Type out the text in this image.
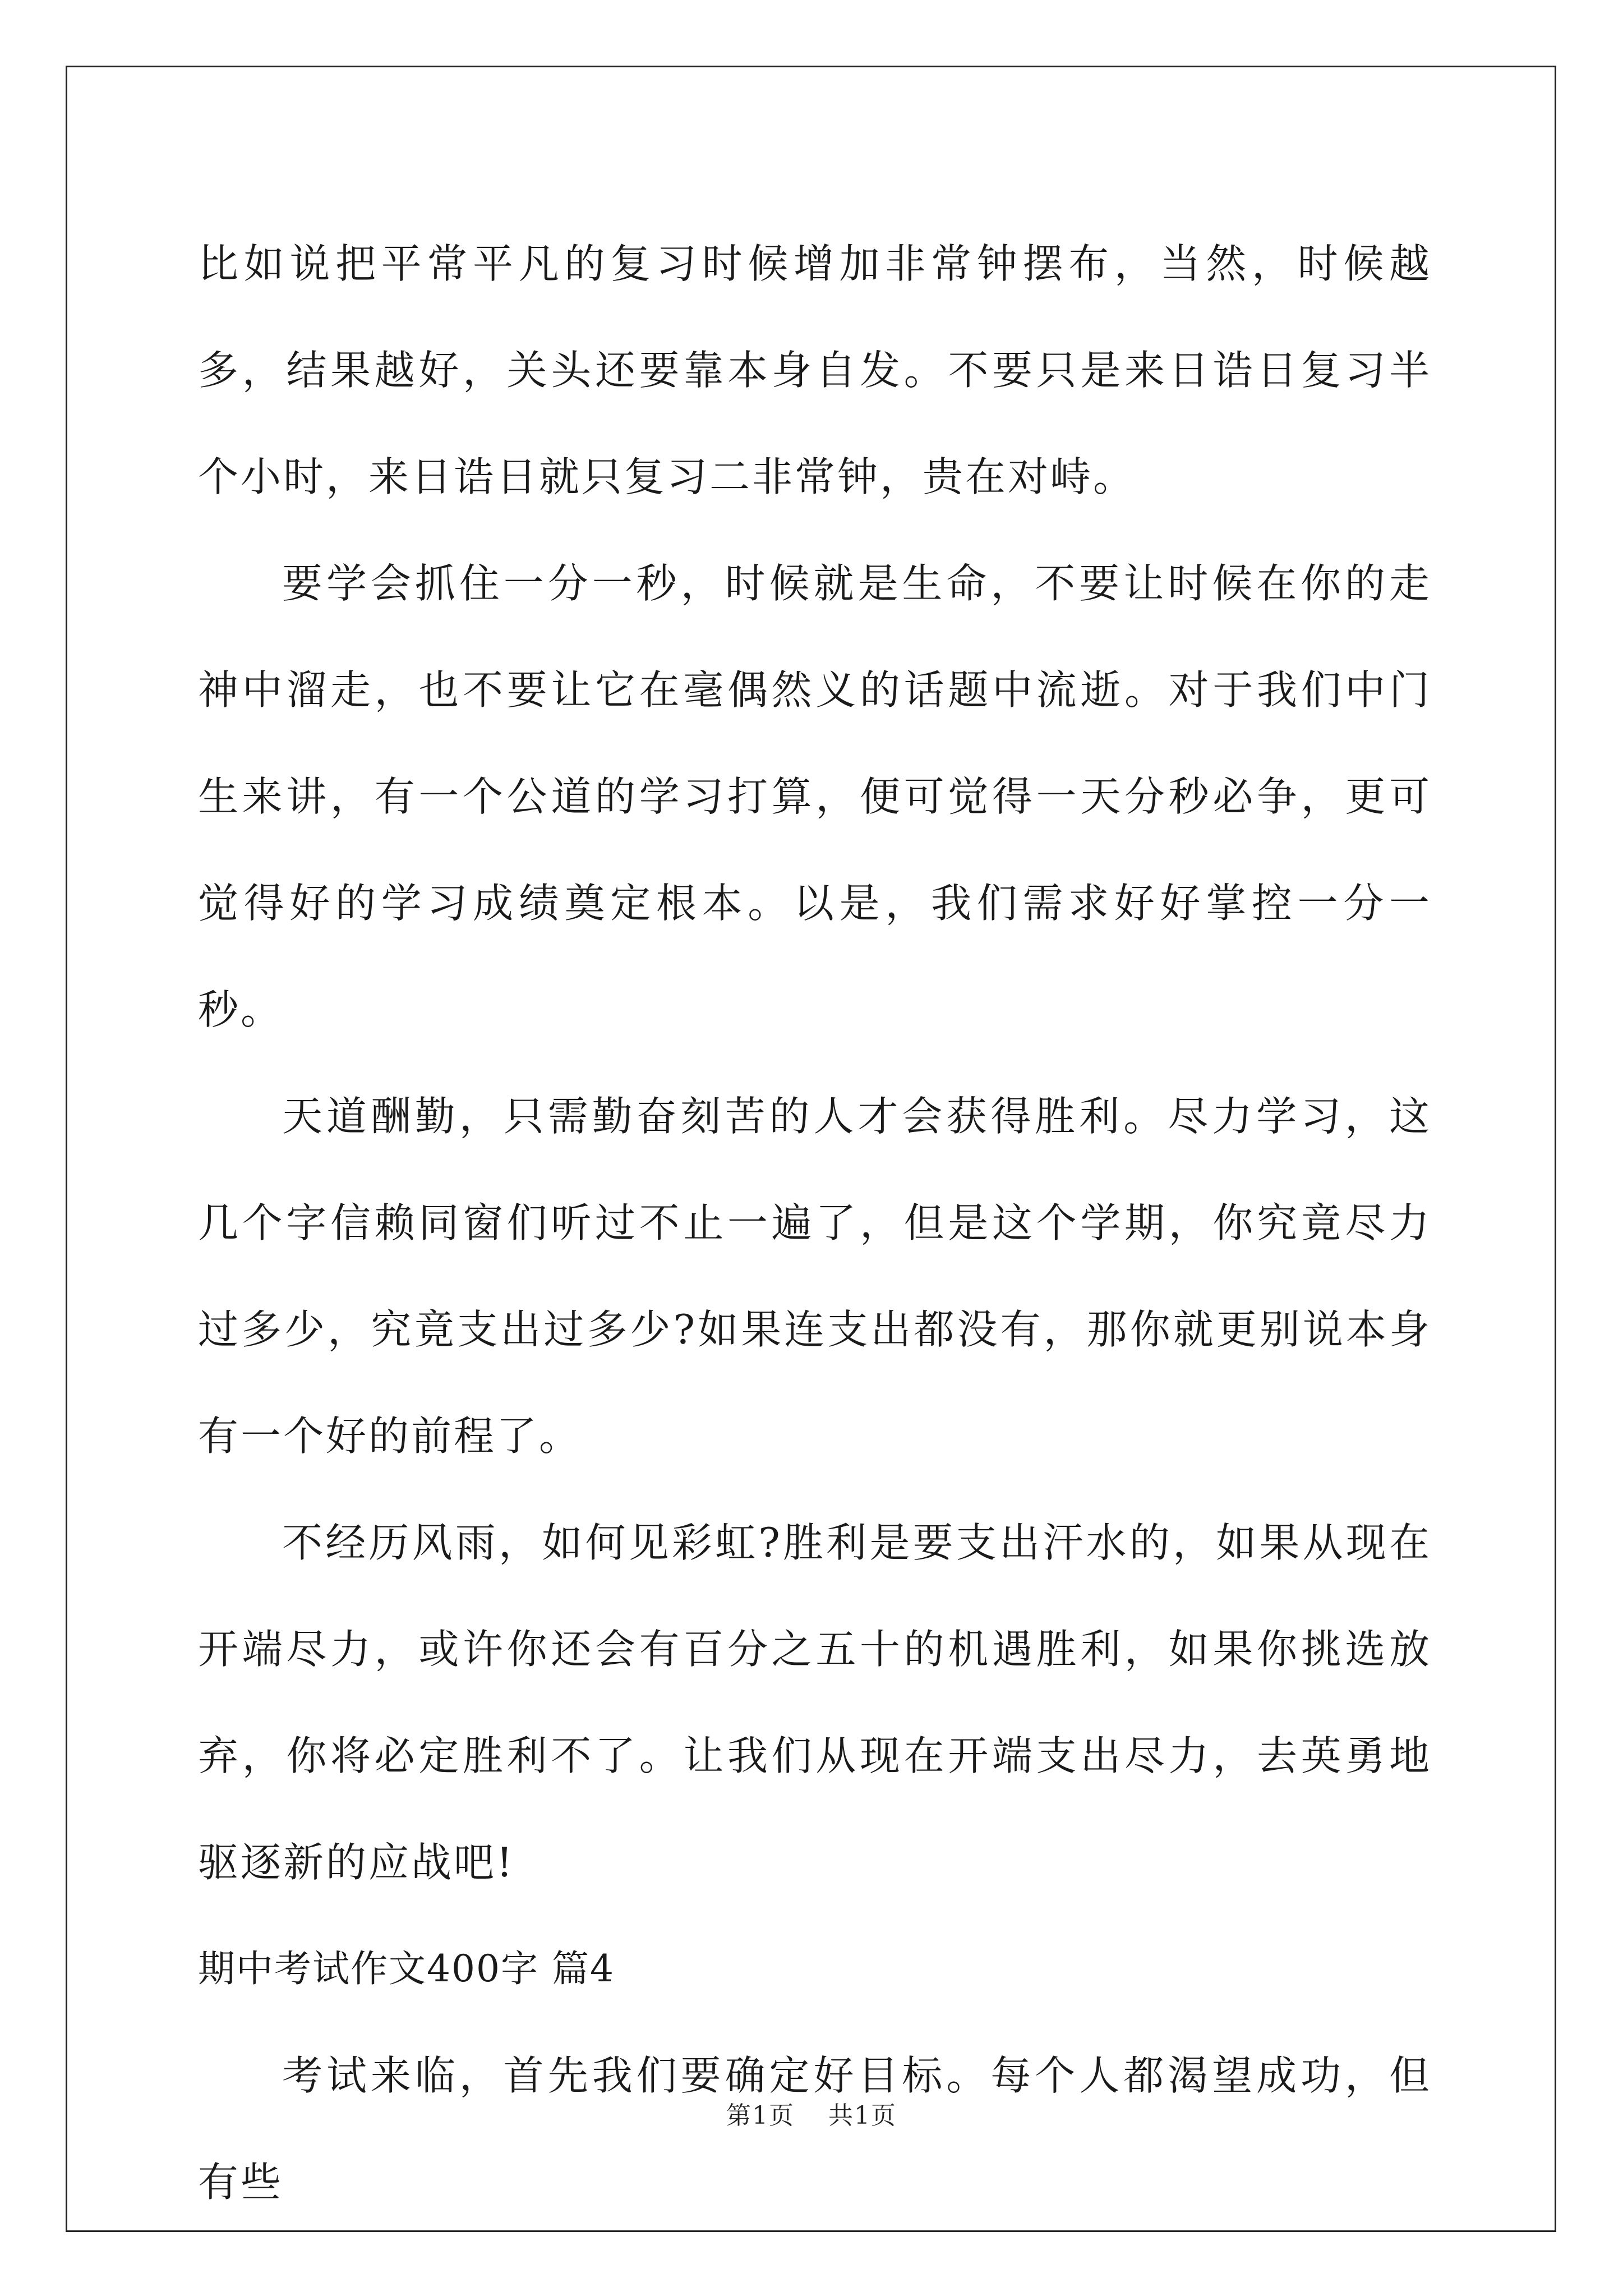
比如说把平常平凡的复习时候增加非常钟摆布，当然，时候越多，结果越好，关头还要靠本身自发。不要只是来日诰日复习半个小时，来日诰日就只复习二非常钟，贵在对峙。

要学会抓住一分一秒，时候就是生命，不要让时候在你的走神中溜走，也不要让它在毫偶然义的话题中流逝。对于我们中门生来讲，有一个公道的学习打算，便可觉得一天分秒必争，更可觉得好的学习成绩奠定根本。以是，我们需求好好掌控一分一秒。

天道酬勤，只需勤奋刻苦的人才会获得胜利。尽力学习，这几个字信赖同窗们听过不止一遍了，但是这个学期，你究竟尽力过多少，究竟支出过多少?如果连支出都没有，那你就更别说本身有一个好的前程了。

不经历风雨，如何见彩虹?胜利是要支出汗水的，如果从现在开端尽力，或许你还会有百分之五十的机遇胜利，如果你挑选放弃，你将必定胜利不了。让我们从现在开端支出尽力，去英勇地驱逐新的应战吧!

期中考试作文400字 篇4

考试来临，首先我们要确定好目标。每个人都渴望成功，但有些

第1页 共1页
